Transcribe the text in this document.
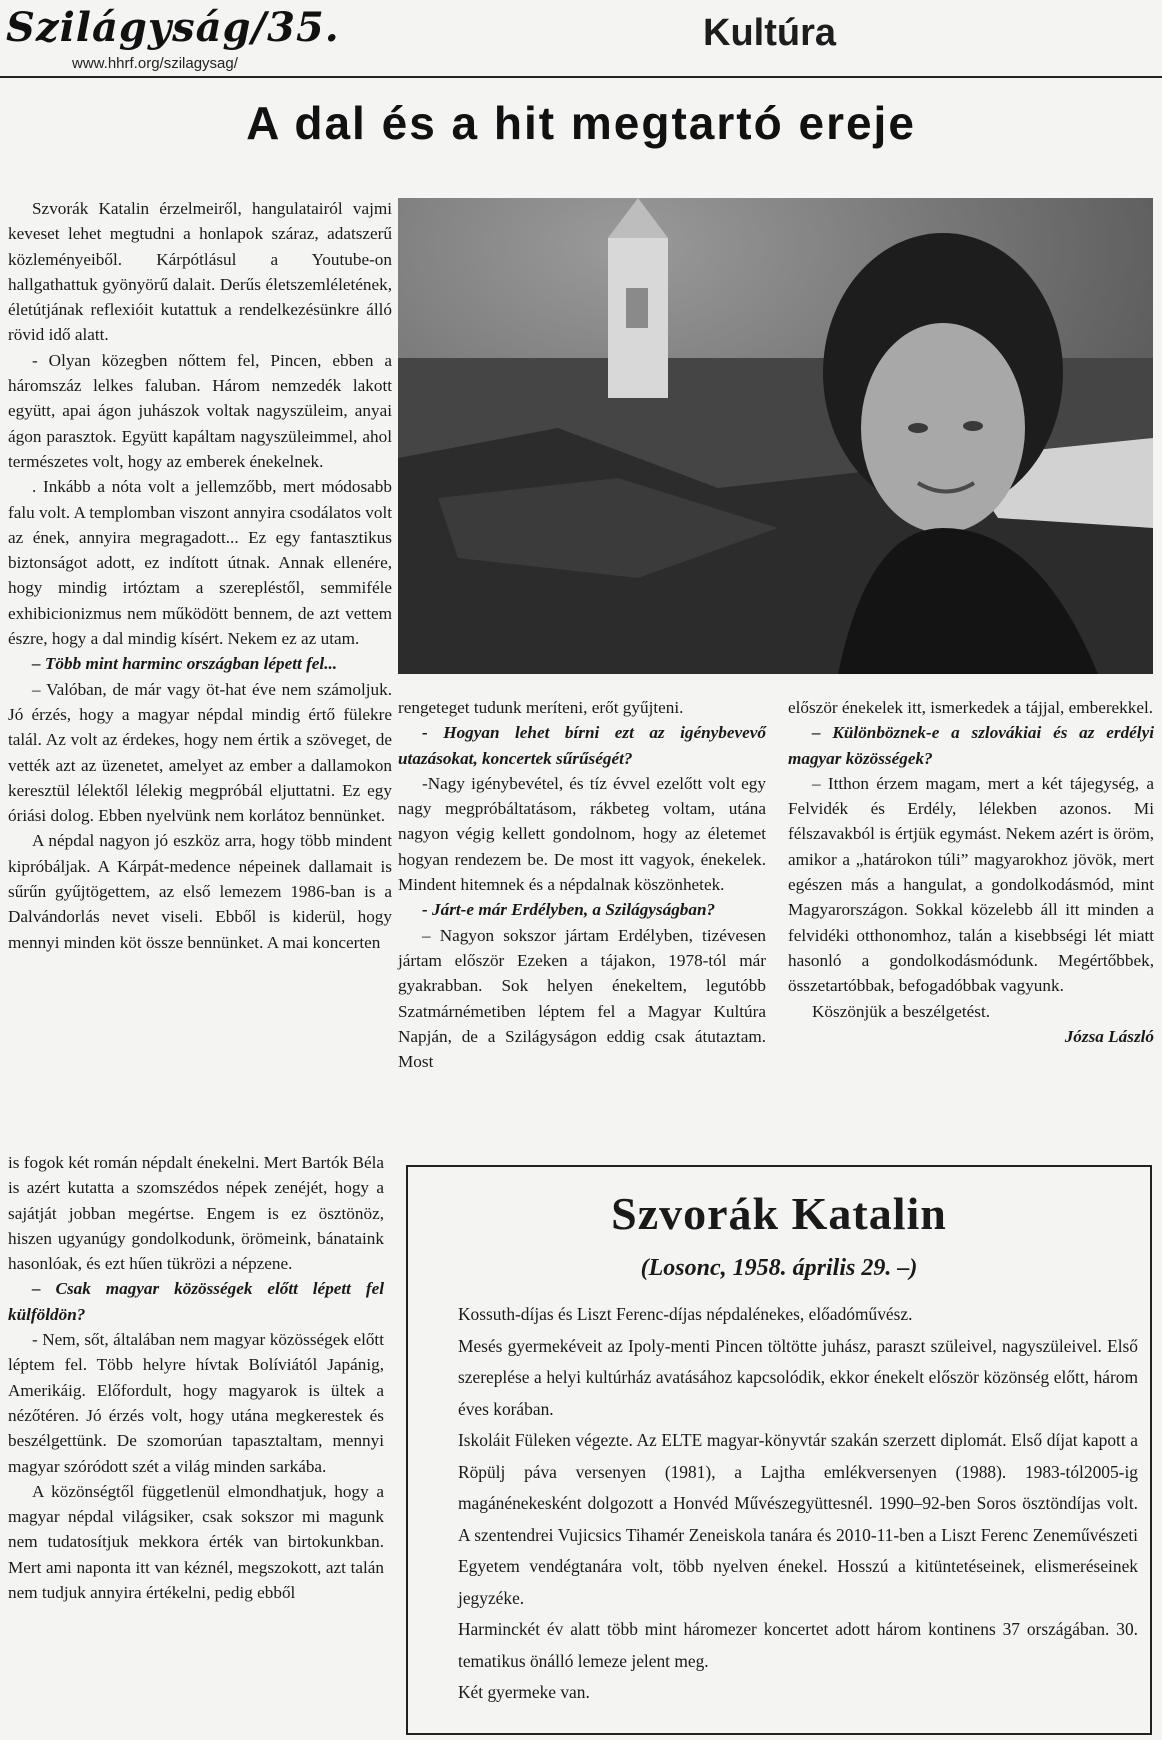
Szilágyság/35.
www.hhrf.org/szilagysag/
Kultúra
A dal és a hit megtartó ereje

Szvorák Katalin érzelmeiről, hangulatairól vajmi keveset lehet megtudni a honlapok száraz, adatszerű közleményeiből. Kárpótlásul a Youtube-on hallgathattuk gyönyörű dalait. Derűs életszemléletének, életútjának reflexióit kutattuk a rendelkezésünkre álló rövid idő alatt.

- Olyan közegben nőttem fel, Pincen, ebben a háromszáz lelkes faluban. Három nemzedék lakott együtt, apai ágon juhászok voltak nagyszüleim, anyai ágon parasztok. Együtt kapáltam nagyszüleimmel, ahol természetes volt, hogy az emberek énekelnek.

. Inkább a nóta volt a jellemzőbb, mert módosabb falu volt. A templomban viszont annyira csodálatos volt az ének, annyira megragadott... Ez egy fantasztikus biztonságot adott, ez indított útnak. Annak ellenére, hogy mindig irtóztam a szerepléstől, semmiféle exhibicionizmus nem működött bennem, de azt vettem észre, hogy a dal mindig kísért. Nekem ez az utam.

– Több mint harminc országban lépett fel...

– Valóban, de már vagy öt-hat éve nem számoljuk. Jó érzés, hogy a magyar népdal mindig értő fülekre talál. Az volt az érdekes, hogy nem értik a szöveget, de vették azt az üzenetet, amelyet az ember a dallamokon keresztül lélektől lélekig megpróbál eljuttatni. Ez egy óriási dolog. Ebben nyelvünk nem korlátoz bennünket.

A népdal nagyon jó eszköz arra, hogy több mindent kipróbáljak. A Kárpát-medence népeinek dallamait is sűrűn gyűjtögettem, az első lemezem 1986-ban is a Dalvándorlás nevet viseli. Ebből is kiderül, hogy mennyi minden köt össze bennünket. A mai koncerten

is fogok két román népdalt énekelni. Mert Bartók Béla is azért kutatta a szomszédos népek zenéjét, hogy a sajátját jobban megértse. Engem is ez ösztönöz, hiszen ugyanúgy gondolkodunk, örömeink, bánataink hasonlóak, és ezt hűen tükrözi a népzene.

– Csak magyar közösségek előtt lépett fel külföldön?

- Nem, sőt, általában nem magyar közösségek előtt léptem fel. Több helyre hívtak Bolíviától Japánig, Amerikáig. Előfordult, hogy magyarok is ültek a nézőtéren. Jó érzés volt, hogy utána megkerestek és beszélgettünk. De szomorúan tapasztaltam, mennyi magyar szóródott szét a világ minden sarkába.

A közönségtől függetlenül elmondhatjuk, hogy a magyar népdal világsiker, csak sokszor mi magunk nem tudatosítjuk mekkora érték van birtokunkban. Mert ami naponta itt van kéznél, megszokott, azt talán nem tudjuk annyira értékelni, pedig ebből

rengeteget tudunk meríteni, erőt gyűjteni.

- Hogyan lehet bírni ezt az igénybevevő utazásokat, koncertek sűrűségét?

-Nagy igénybevétel, és tíz évvel ezelőtt volt egy nagy megpróbáltatásom, rákbeteg voltam, utána nagyon végig kellett gondolnom, hogy az életemet hogyan rendezem be. De most itt vagyok, énekelek. Mindent hitemnek és a népdalnak köszönhetek.

- Járt-e már Erdélyben, a Szilágyságban?

– Nagyon sokszor jártam Erdélyben, tizévesen jártam először Ezeken a tájakon, 1978-tól már gyakrabban. Sok helyen énekeltem, legutóbb Szatmárnémetiben léptem fel a Magyar Kultúra Napján, de a Szilágyságon eddig csak átutaztam. Most

először énekelek itt, ismerkedek a tájjal, emberekkel.

– Különböznek-e a szlovákiai és az erdélyi magyar közösségek?

– Itthon érzem magam, mert a két tájegység, a Felvidék és Erdély, lélekben azonos. Mi félszavakból is értjük egymást. Nekem azért is öröm, amikor a „határokon túli” magyarokhoz jövök, mert egészen más a hangulat, a gondolkodásmód, mint Magyarországon. Sokkal közelebb áll itt minden a felvidéki otthonomhoz, talán a kisebbségi lét miatt hasonló a gondolkodásmódunk. Megértőbbek, összetartóbbak, befogadóbbak vagyunk.

Köszönjük a beszélgetést.

Józsa László

Szvorák Katalin
(Losonc, 1958. április 29. –)

Kossuth-díjas és Liszt Ferenc-díjas népdalénekes, előadóművész.

Mesés gyermekéveit az Ipoly-menti Pincen töltötte juhász, paraszt szüleivel, nagyszüleivel. Első szereplése a helyi kultúrház avatásához kapcsolódik, ekkor énekelt először közönség előtt, három éves korában.

Iskoláit Füleken végezte. Az ELTE magyar-könyvtár szakán szerzett diplomát. Első díjat kapott a Röpülj páva versenyen (1981), a Lajtha emlékversenyen (1988). 1983-tól2005-ig magánénekesként dolgozott a Honvéd Művészegyüttesnél. 1990–92-ben Soros ösztöndíjas volt. A szentendrei Vujicsics Tihamér Zeneiskola tanára és 2010-11-ben a Liszt Ferenc Zeneművészeti Egyetem vendégtanára volt, több nyelven énekel. Hosszú a kitüntetéseinek, elismeréseinek jegyzéke.

Harminckét év alatt több mint háromezer koncertet adott három kontinens 37 országában. 30. tematikus önálló lemeze jelent meg.

Két gyermeke van.
